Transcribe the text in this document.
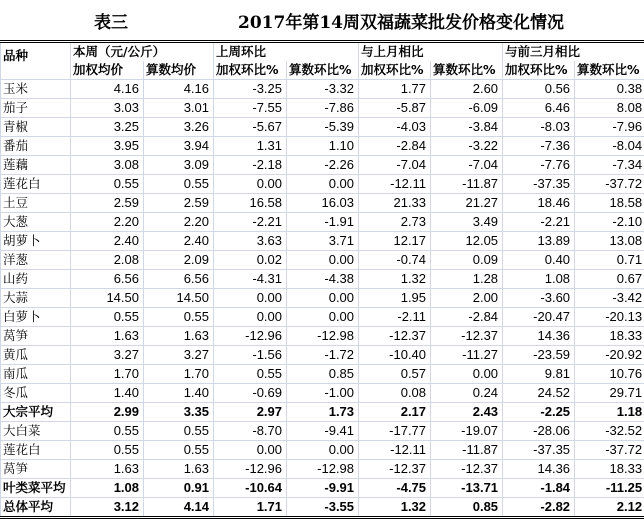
表三	2017年第14周双福蔬菜批发价格变化情况
品种	本周（元/公斤）		上周环比		与上月相比		与前三月相比	
	加权均价	算数均价	加权环比%	算数环比%	加权环比%	算数环比%	加权环比%	算数环比%
玉米	4.16	4.16	-3.25	-3.32	1.77	2.60	0.56	0.38
茄子	3.03	3.01	-7.55	-7.86	-5.87	-6.09	6.46	8.08
青椒	3.25	3.26	-5.67	-5.39	-4.03	-3.84	-8.03	-7.96
番茄	3.95	3.94	1.31	1.10	-2.84	-3.22	-7.36	-8.04
莲藕	3.08	3.09	-2.18	-2.26	-7.04	-7.04	-7.76	-7.34
莲花白	0.55	0.55	0.00	0.00	-12.11	-11.87	-37.35	-37.72
土豆	2.59	2.59	16.58	16.03	21.33	21.27	18.46	18.58
大葱	2.20	2.20	-2.21	-1.91	2.73	3.49	-2.21	-2.10
胡萝卜	2.40	2.40	3.63	3.71	12.17	12.05	13.89	13.08
洋葱	2.08	2.09	0.02	0.00	-0.74	0.09	0.40	0.71
山药	6.56	6.56	-4.31	-4.38	1.32	1.28	1.08	0.67
大蒜	14.50	14.50	0.00	0.00	1.95	2.00	-3.60	-3.42
白萝卜	0.55	0.55	0.00	0.00	-2.11	-2.84	-20.47	-20.13
莴笋	1.63	1.63	-12.96	-12.98	-12.37	-12.37	14.36	18.33
黄瓜	3.27	3.27	-1.56	-1.72	-10.40	-11.27	-23.59	-20.92
南瓜	1.70	1.70	0.55	0.85	0.57	0.00	9.81	10.76
冬瓜	1.40	1.40	-0.69	-1.00	0.08	0.24	24.52	29.71
大宗平均	2.99	3.35	2.97	1.73	2.17	2.43	-2.25	1.18
大白菜	0.55	0.55	-8.70	-9.41	-17.77	-19.07	-28.06	-32.52
莲花白	0.55	0.55	0.00	0.00	-12.11	-11.87	-37.35	-37.72
莴笋	1.63	1.63	-12.96	-12.98	-12.37	-12.37	14.36	18.33
叶类菜平均	1.08	0.91	-10.64	-9.91	-4.75	-13.71	-1.84	-11.25
总体平均	3.12	4.14	1.71	-3.55	1.32	0.85	-2.82	2.12
